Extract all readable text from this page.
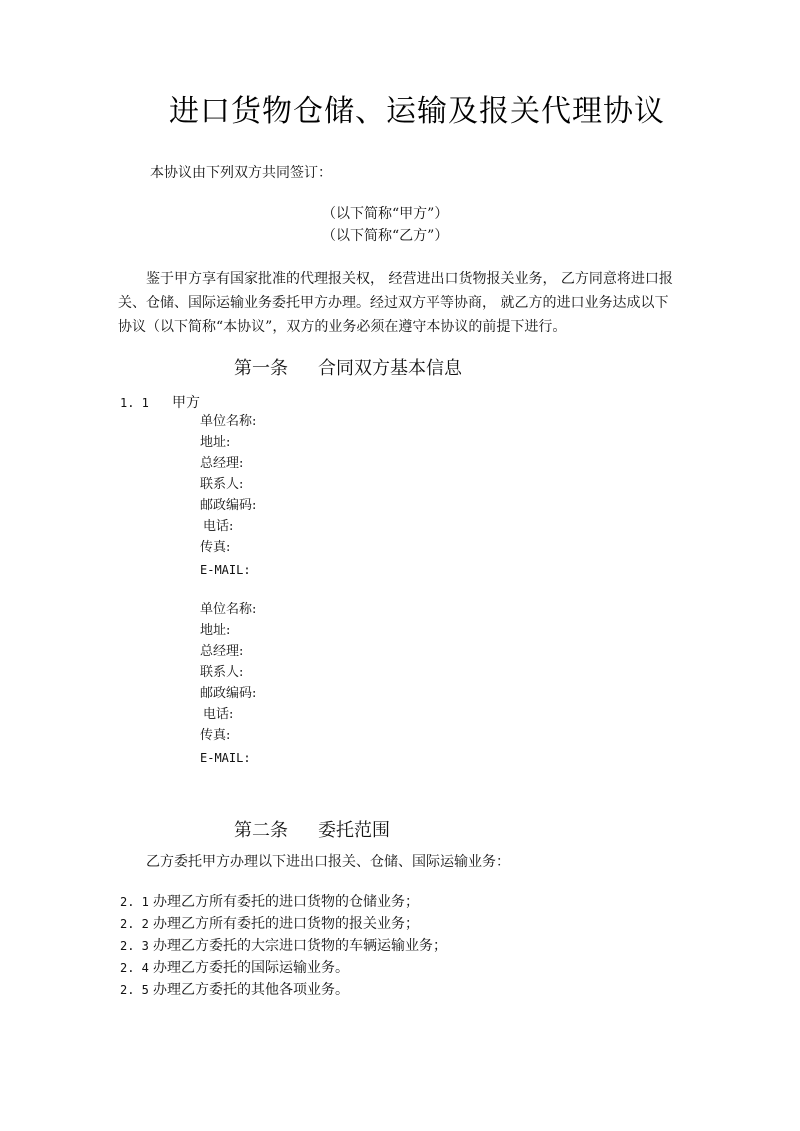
进口货物仓储、运输及报关代理协议
本协议由下列双方共同签订：
（以下简称“甲方”）
（以下简称“乙方”）
鉴于甲方享有国家批准的代理报关权， 经营进出口货物报关业务， 乙方同意将进口报关、仓储、国际运输业务委托甲方办理。经过双方平等协商， 就乙方的进口业务达成以下协议（以下简称“本协议”，双方的业务必须在遵守本协议的前提下进行。
第一条 合同双方基本信息
1. 1 甲方
单位名称:
地址:
总经理:
联系人:
邮政编码:
电话:
传真:
E-MAIL:
单位名称:
地址:
总经理:
联系人:
邮政编码:
电话:
传真:
E-MAIL:
第二条 委托范围
乙方委托甲方办理以下进出口报关、仓储、国际运输业务：
2. 1 办理乙方所有委托的进口货物的仓储业务；
2. 2 办理乙方所有委托的进口货物的报关业务；
2. 3 办理乙方委托的大宗进口货物的车辆运输业务；
2. 4 办理乙方委托的国际运输业务。
2. 5 办理乙方委托的其他各项业务。
